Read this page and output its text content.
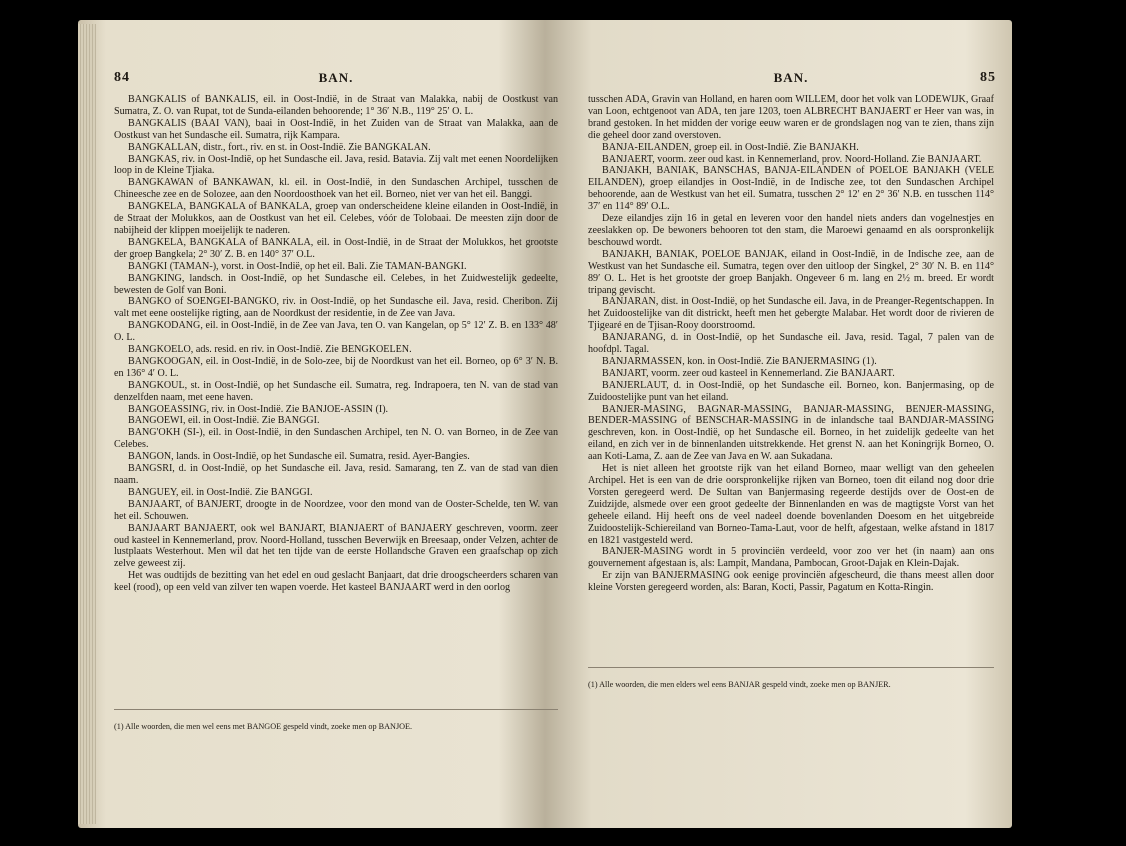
84	BAN.

BANGKALIS of BANKALIS, eil. in Oost-Indië, in de Straat van Malakka, nabij de Oostkust van Sumatra, Z. O. van Rupat, tot de Sunda-eilanden behoorende; 1° 36′ N.B., 119° 25′ O. L.

BANGKALIS (BAAI VAN), baai in Oost-Indië, in het Zuiden van de Straat van Malakka, aan de Oostkust van het Sundasche eil. Sumatra, rijk Kampara.

BANGKALLAN, distr., fort., riv. en st. in Oost-Indië. Zie BANGKALAN.

BANGKAS, riv. in Oost-Indië, op het Sundasche eil. Java, resid. Batavia. Zij valt met eenen Noordelijken loop in de Kleine Tjiaka.

BANGKAWAN of BANKAWAN, kl. eil. in Oost-Indië, in den Sundaschen Archipel, tusschen de Chineesche zee en de Solozee, aan den Noordoosthoek van het eil. Borneo, niet ver van het eil. Banggi.

BANGKELA, BANGKALA of BANKALA, groep van onderscheidene kleine eilanden in Oost-Indië, in de Straat der Molukkos, aan de Oostkust van het eil. Celebes, vóór de Tolobaai. De meesten zijn door de nabijheid der klippen moeijelijk te naderen.

BANGKELA, BANGKALA of BANKALA, eil. in Oost-Indië, in de Straat der Molukkos, het grootste der groep Bangkela; 2° 30′ Z. B. en 140° 37′ O.L.

BANGKI (TAMAN-), vorst. in Oost-Indië, op het eil. Bali. Zie TAMAN-BANGKI.

BANGKING, landsch. in Oost-Indië, op het Sundasche eil. Celebes, in het Zuidwestelijk gedeelte, bewesten de Golf van Boni.

BANGKO of SOENGEI-BANGKO, riv. in Oost-Indië, op het Sundasche eil. Java, resid. Cheribon. Zij valt met eene oostelijke rigting, aan de Noordkust der residentie, in de Zee van Java.

BANGKODANG, eil. in Oost-Indië, in de Zee van Java, ten O. van Kangelan, op 5° 12′ Z. B. en 133° 48′ O. L.

BANGKOELO, ads. resid. en riv. in Oost-Indië. Zie BENGKOELEN.

BANGKOOGAN, eil. in Oost-Indië, in de Solo-zee, bij de Noordkust van het eil. Borneo, op 6° 3′ N. B. en 136° 4′ O. L.

BANGKOUL, st. in Oost-Indië, op het Sundasche eil. Sumatra, reg. Indrapoera, ten N. van de stad van denzelfden naam, met eene haven.

BANGOEASSING, riv. in Oost-Indië. Zie BANJOE-ASSIN (I).

BANGOEWI, eil. in Oost-Indië. Zie BANGGI.

BANG'OKH (SI-), eil. in Oost-Indië, in den Sundaschen Archipel, ten N. O. van Borneo, in de Zee van Celebes.

BANGON, lands. in Oost-Indië, op het Sundasche eil. Sumatra, resid. Ayer-Bangies.

BANGSRI, d. in Oost-Indië, op het Sundasche eil. Java, resid. Samarang, ten Z. van de stad van dien naam.

BANGUEY, eil. in Oost-Indië. Zie BANGGI.

BANJAART, of BANJERT, droogte in de Noordzee, voor den mond van de Ooster-Schelde, ten W. van het eil. Schouwen.

BANJAART BANJAERT, ook wel BANJART, BIANJAERT of BANJAERY geschreven, voorm. zeer oud kasteel in Kennemerland, prov. Noord-Holland, tusschen Beverwijk en Breesaap, onder Velzen, achter de lustplaats Westerhout. Men wil dat het ten tijde van de eerste Hollandsche Graven een graafschap op zich zelve geweest zij.

Het was oudtijds de bezitting van het edel en oud geslacht Banjaart, dat drie droogscheerders scharen van keel (rood), op een veld van zilver ten wapen voerde. Het kasteel BANJAART werd in den oorlog

(1) Alle woorden, die men wel eens met BANGOE gespeld vindt, zoeke men op BANJOE.
BAN.	85

tusschen ADA, Gravin van Holland, en haren oom WILLEM, door het volk van LODEWIJK, Graaf van Loon, echtgenoot van ADA, ten jare 1203, toen ALBRECHT BANJAERT er Heer van was, in brand gestoken. In het midden der vorige eeuw waren er de grondslagen nog van te zien, thans zijn die geheel door zand overstoven.

BANJA-EILANDEN, groep eil. in Oost-Indië. Zie BANJAKH.

BANJAERT, voorm. zeer oud kast. in Kennemerland, prov. Noord-Holland. Zie BANJAART.

BANJAKH, BANIAK, BANSCHAS, BANJA-EILANDEN of POELOE BANJAKH (VELE EILANDEN), groep eilandjes in Oost-Indië, in de Indische zee, tot den Sundaschen Archipel behoorende, aan de Westkust van het eil. Sumatra, tusschen 2° 12′ en 2° 36′ N.B. en tusschen 114° 37′ en 114° 89′ O.L.

Deze eilandjes zijn 16 in getal en leveren voor den handel niets anders dan vogelnestjes en zeeslakken op. De bewoners behooren tot den stam, die Maroewi genaamd en als oorspronkelijk beschouwd wordt.

BANJAKH, BANIAK, POELOE BANJAK, eiland in Oost-Indië, in de Indische zee, aan de Westkust van het Sundasche eil. Sumatra, tegen over den uitloop der Singkel, 2° 30′ N. B. en 114° 89′ O. L. Het is het grootste der groep Banjakh. Ongeveer 6 m. lang en 2½ m. breed. Er wordt tripang gevischt.

BANJARAN, dist. in Oost-Indië, op het Sundasche eil. Java, in de Preanger-Regentschappen. In het Zuidoostelijke van dit districkt, heeft men het gebergte Malabar. Het wordt door de rivieren de Tjigearé en de Tjisan-Rooy doorstroomd.

BANJARANG, d. in Oost-Indië, op het Sundasche eil. Java, resid. Tagal, 7 palen van de hoofdpl. Tagal.

BANJARMASSEN, kon. in Oost-Indië. Zie BANJERMASING (1).

BANJART, voorm. zeer oud kasteel in Kennemerland. Zie BANJAART.

BANJERLAUT, d. in Oost-Indië, op het Sundasche eil. Borneo, kon. Banjermasing, op de Zuidoostelijke punt van het eiland.

BANJER-MASING, BAGNAR-MASSING, BANJAR-MASSING, BENJER-MASSING, BENDER-MASSING of BENSCHAR-MASSING in de inlandsche taal BANDJAR-MASSING geschreven, kon. in Oost-Indië, op het Sundasche eil. Borneo, in het zuidelijk gedeelte van het eiland, en zich ver in de binnenlanden uitstrekkende. Het grenst N. aan het Koningrijk Borneo, O. aan Koti-Lama, Z. aan de Zee van Java en W. aan Sukadana.

Het is niet alleen het grootste rijk van het eiland Borneo, maar welligt van den geheelen Archipel. Het is een van de drie oorspronkelijke rijken van Borneo, toen dit eiland nog door drie Vorsten geregeerd werd. De Sultan van Banjermasing regeerde destijds over de Oost-en de Zuidzijde, alsmede over een groot gedeelte der Binnenlanden en was de magtigste Vorst van het geheele eiland. Hij heeft ons de veel nadeel doende bovenlanden Doesom en het uitgebreide Zuidoostelijk-Schiereiland van Borneo-Tama-Laut, voor de helft, afgestaan, welke afstand in 1817 en 1821 vastgesteld werd.

BANJER-MASING wordt in 5 provinciën verdeeld, voor zoo ver het (in naam) aan ons gouvernement afgestaan is, als: Lampit, Mandana, Pambocan, Groot-Dajak en Klein-Dajak.

Er zijn van BANJERMASING ook eenige provinciën afgescheurd, die thans meest allen door kleine Vorsten geregeerd worden, als: Baran, Kocti, Passir, Pagatum en Kotta-Ringin.

(1) Alle woorden, die men elders wel eens BANJAR gespeld vindt, zoeke men op BANJER.
